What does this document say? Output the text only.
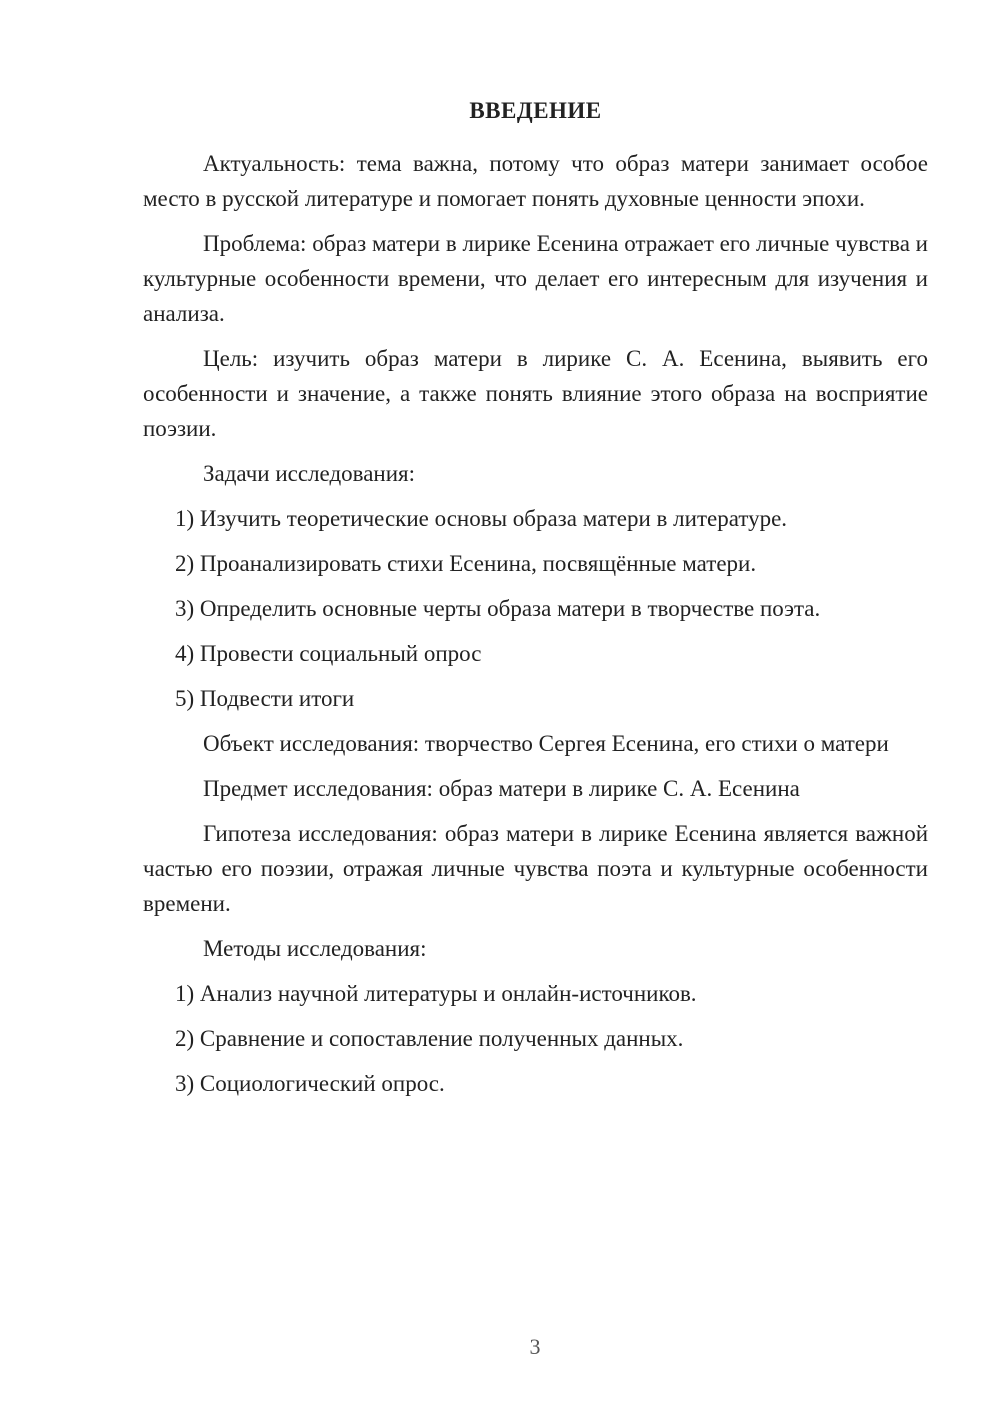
ВВЕДЕНИЕ

Актуальность: тема важна, потому что образ матери занимает особое место в русской литературе и помогает понять духовные ценности эпохи.

Проблема: образ матери в лирике Есенина отражает его личные чувства и культурные особенности времени, что делает его интересным для изучения и анализа.

Цель: изучить образ матери в лирике С. А. Есенина, выявить его особенности и значение, а также понять влияние этого образа на восприятие поэзии.

Задачи исследования:

1) Изучить теоретические основы образа матери в литературе.
2) Проанализировать стихи Есенина, посвящённые матери.
3) Определить основные черты образа матери в творчестве поэта.
4) Провести социальный опрос
5) Подвести итоги

Объект исследования: творчество Сергея Есенина, его стихи о матери

Предмет исследования: образ матери в лирике С. А. Есенина

Гипотеза исследования: образ матери в лирике Есенина является важной частью его поэзии, отражая личные чувства поэта и культурные особенности времени.

Методы исследования:

1) Анализ научной литературы и онлайн-источников.
2) Сравнение и сопоставление полученных данных.
3) Социологический опрос.
3
